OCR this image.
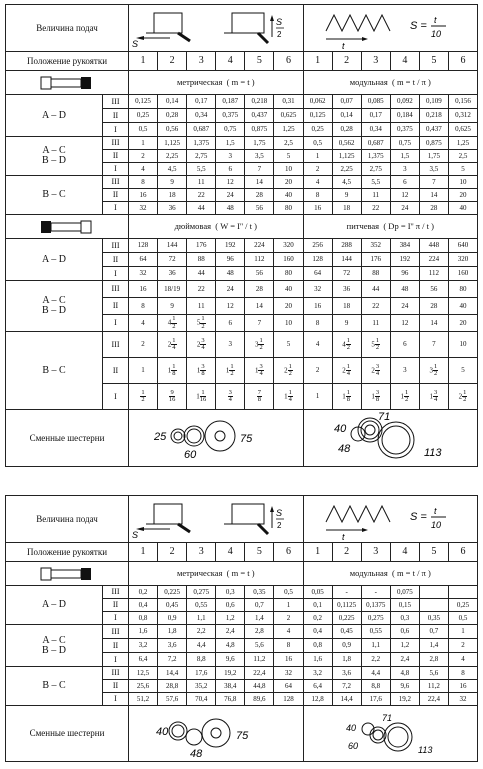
Величина подач		S
S
2						t
S = t
10					

Положение рукоятки		1	2	3	4	5	6	1	2	3	4	5	6

	метрическая ( m = t )						модульная ( m = t / π )					
A – D	III	0,125	0,14	0,17	0,187	0,218	0,31	0,062	0,07	0,085	0,092	0,109	0,156
	II	0,25	0,28	0,34	0,375	0,437	0,625	0,125	0,14	0,17	0,184	0,218	0,312
	I	0,5	0,56	0,687	0,75	0,875	1,25	0,25	0,28	0,34	0,375	0,437	0,625
A – C
B – D	III	1	1,125	1,375	1,5	1,75	2,5	0,5	0,562	0,687	0,75	0,875	1,25
	II	2	2,25	2,75	3	3,5	5	1	1,125	1,375	1,5	1,75	2,5
	I	4	4,5	5,5	6	7	10	2	2,25	2,75	3	3,5	5
B – C	III	8	9	11	12	14	20	4	4,5	5,5	6	7	10
	II	16	18	22	24	28	40	8	9	11	12	14	20
	I	32	36	44	48	56	80	16	18	22	24	28	40

	дюймовая ( W = I'' / t )						питчевая ( Dp = I'' π / t )					
A – D	III	128	144	176	192	224	320	256	288	352	384	448	640
	II	64	72	88	96	112	160	128	144	176	192	224	320
	I	32	36	44	48	56	80	64	72	88	96	112	160
A – C
B – D	III	16	18/19	22	24	28	40	32	36	44	48	56	80
	II	8	9	11	12	14	20	16	18	22	24	28	40
	I	4	$4 \frac{1}{2}$	$5 \frac{1}{2}$	6	7	10	8	9	11	12	14	20
B – C	III	2	$2 \frac{1}{4}$	$2 \frac{3}{4}$	3	$3 \frac{1}{2}$	5	4	$4 \frac{1}{2}$	$5 \frac{1}{2}$	6	7	10
	II	1	$1 \frac{1}{8}$	$1 \frac{3}{8}$	$1 \frac{1}{2}$	$1 \frac{3}{4}$	$2 \frac{1}{2}$	2	$2 \frac{1}{4}$	$2 \frac{3}{4}$	3	$3 \frac{1}{2}$	5
	I	$\frac{1}{2}$	$\frac{9}{16}$	$1 \frac{1}{16}$	$\frac{3}{4}$	$\frac{7}{8}$	$1 \frac{1}{4}$	1	$1 \frac{1}{8}$	$1 \frac{3}{8}$	$1 \frac{1}{2}$	$1 \frac{3}{4}$	$2 \frac{1}{2}$

Сменные шестерни		25
60
75						40
71
48 113					
Величина подач		S
S
2						t
S = t
10					

Положение рукоятки		1	2	3	4	5	6	1	2	3	4	5	6

	метрическая ( m = t )						модульная ( m = t / π )					
A – D	III	0,2	0,225	0,275	0,3	0,35	0,5	0,05	-	-	0,075		
	II	0,4	0,45	0,55	0,6	0,7	1	0,1	0,1125	0,1375	0,15		0,25
	I	0,8	0,9	1,1	1,2	1,4	2	0,2	0,225	0,275	0,3	0,35	0,5
A – C
B – D	III	1,6	1,8	2,2	2,4	2,8	4	0,4	0,45	0,55	0,6	0,7	1
	II	3,2	3,6	4,4	4,8	5,6	8	0,8	0,9	1,1	1,2	1,4	2
	I	6,4	7,2	8,8	9,6	11,2	16	1,6	1,8	2,2	2,4	2,8	4
B – C	III	12,5	14,4	17,6	19,2	22,4	32	3,2	3,6	4,4	4,8	5,6	8
	II	25,6	28,8	35,2	38,4	44,8	64	6,4	7,2	8,8	9,6	11,2	16
	I	51,2	57,6	70,4	76,8	89,6	128	12,8	14,4	17,6	19,2	22,4	32
Сменные шестерни		40
48
75						40
71
60 113					
